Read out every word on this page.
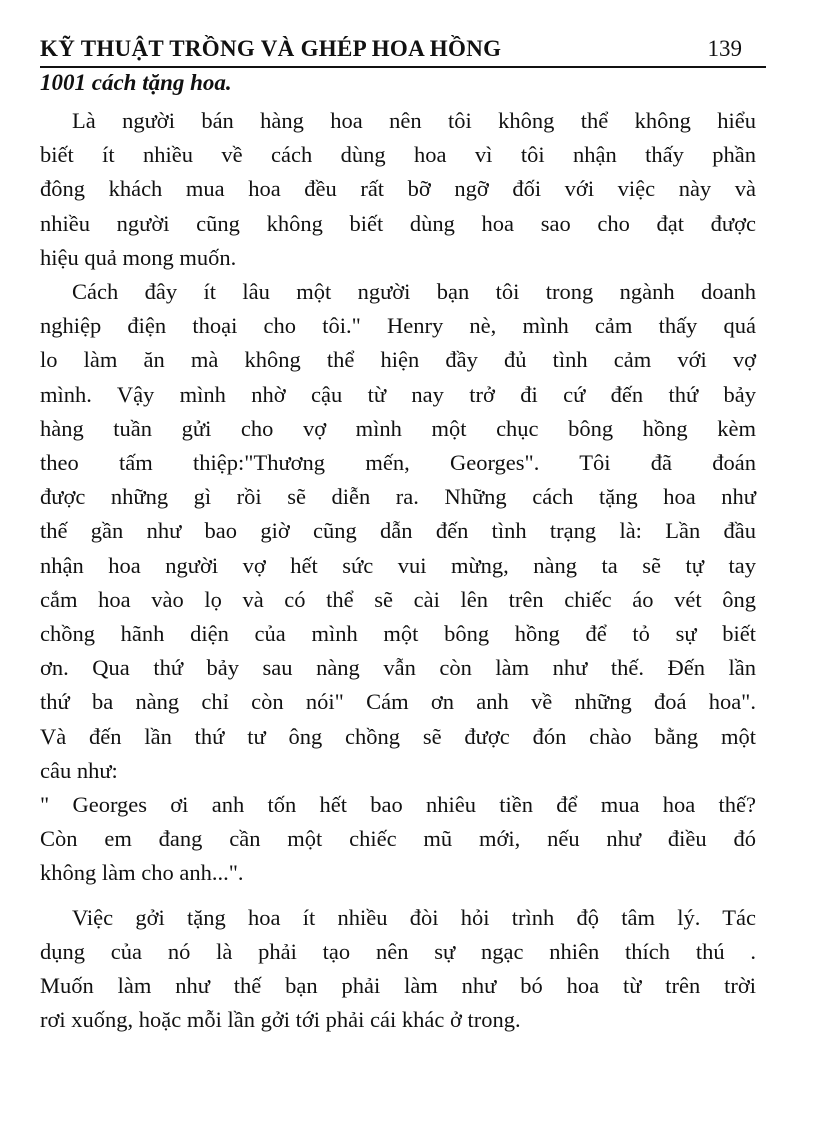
KỸ THUẬT TRỒNG VÀ GHÉP HOA HỒNG	139
1001 cách tặng hoa.
Là người bán hàng hoa nên tôi không thể không hiểu
biết ít nhiều về cách dùng hoa vì tôi nhận thấy phần
đông khách mua hoa đều rất bỡ ngỡ đối với việc này và
nhiều người cũng không biết dùng hoa sao cho đạt được
hiệu quả mong muốn.
Cách đây ít lâu một người bạn tôi trong ngành doanh
nghiệp điện thoại cho tôi." Henry nè, mình cảm thấy quá
lo làm ăn mà không thể hiện đầy đủ tình cảm với vợ
mình. Vậy mình nhờ cậu từ nay trở đi cứ đến thứ bảy
hàng tuần gửi cho vợ mình một chục bông hồng kèm
theo tấm thiệp:"Thương mến, Georges". Tôi đã đoán
được những gì rồi sẽ diễn ra. Những cách tặng hoa như
thế gần như bao giờ cũng dẫn đến tình trạng là: Lần đầu
nhận hoa người vợ hết sức vui mừng, nàng ta sẽ tự tay
cắm hoa vào lọ và có thể sẽ cài lên trên chiếc áo vét ông
chồng hãnh diện của mình một bông hồng để tỏ sự biết
ơn. Qua thứ bảy sau nàng vẫn còn làm như thế. Đến lần
thứ ba nàng chỉ còn nói" Cám ơn anh về những đoá hoa".
Và đến lần thứ tư ông chồng sẽ được đón chào bằng một
câu như:
" Georges ơi anh tốn hết bao nhiêu tiền để mua hoa thế?
Còn em đang cần một chiếc mũ mới, nếu như điều đó
không làm cho anh...".
Việc gởi tặng hoa ít nhiều đòi hỏi trình độ tâm lý. Tác
dụng của nó là phải tạo nên sự ngạc nhiên thích thú .
Muốn làm như thế bạn phải làm như bó hoa từ trên trời
rơi xuống, hoặc mỗi lần gởi tới phải cái khác ở trong.
